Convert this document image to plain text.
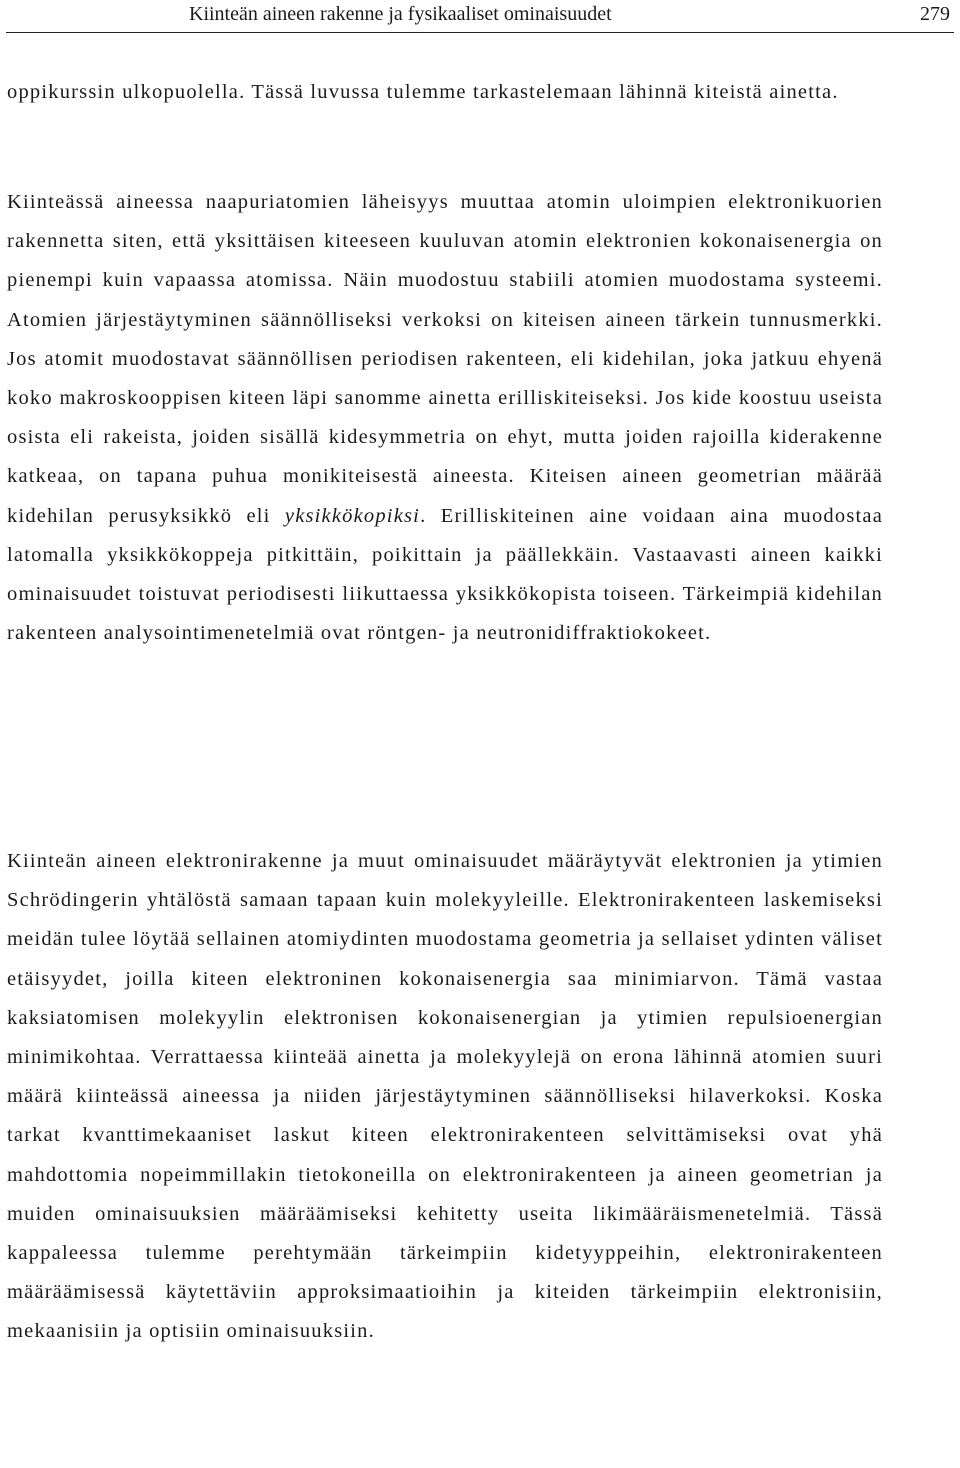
Kiinteän aineen rakenne ja fysikaaliset ominaisuudet	279

oppikurssin ulkopuolella. Tässä luvussa tulemme tarkastelemaan lähinnä kiteistä ainetta.

Kiinteässä aineessa naapuriatomien läheisyys muuttaa atomin uloimpien elektronikuorien rakennetta siten, että yksittäisen kiteeseen kuuluvan atomin elektronien kokonaisenergia on pienempi kuin vapaassa atomissa. Näin muodostuu stabiili atomien muodostama systeemi. Atomien järjestäytyminen säännölliseksi verkoksi on kiteisen aineen tärkein tunnusmerkki. Jos atomit muodostavat säännöllisen periodisen rakenteen, eli kidehilan, joka jatkuu ehyenä koko makroskooppisen kiteen läpi sanomme ainetta erilliskiteiseksi. Jos kide koostuu useista osista eli rakeista, joiden sisällä kidesymmetria on ehyt, mutta joiden rajoilla kiderakenne katkeaa, on tapana puhua monikiteisestä aineesta. Kiteisen aineen geometrian määrää kidehilan perusyksikkö eli yksikkökopiksi. Erilliskiteinen aine voidaan aina muodostaa latomalla yksikkökoppeja pitkittäin, poikittain ja päällekkäin. Vastaavasti aineen kaikki ominaisuudet toistuvat periodisesti liikuttaessa yksikkökopista toiseen. Tärkeimpiä kidehilan rakenteen analysointimenetelmiä ovat röntgen- ja neutronidiffraktiokokeet.

Kiinteän aineen elektronirakenne ja muut ominaisuudet määräytyvät elektronien ja ytimien Schrödingerin yhtälöstä samaan tapaan kuin molekyyleille. Elektronirakenteen laskemiseksi meidän tulee löytää sellainen atomiydinten muodostama geometria ja sellaiset ydinten väliset etäisyydet, joilla kiteen elektroninen kokonaisenergia saa minimiarvon. Tämä vastaa kaksiatomisen molekyylin elektronisen kokonaisenergian ja ytimien repulsioenergian minimikohtaa. Verrattaessa kiinteää ainetta ja molekyylejä on erona lähinnä atomien suuri määrä kiinteässä aineessa ja niiden järjestäytyminen säännölliseksi hilaverkoksi. Koska tarkat kvanttimekaaniset laskut kiteen elektronirakenteen selvittämiseksi ovat yhä mahdottomia nopeimmillakin tietokoneilla on elektronirakenteen ja aineen geometrian ja muiden ominaisuuksien määräämiseksi kehitetty useita likimääräismenetelmiä. Tässä kappaleessa tulemme perehtymään tärkeimpiin kidetyyppeihin, elektronirakenteen määräämisessä käytettäviin approksimaatioihin ja kiteiden tärkeimpiin elektronisiin, mekaanisiin ja optisiin ominaisuuksiin.
